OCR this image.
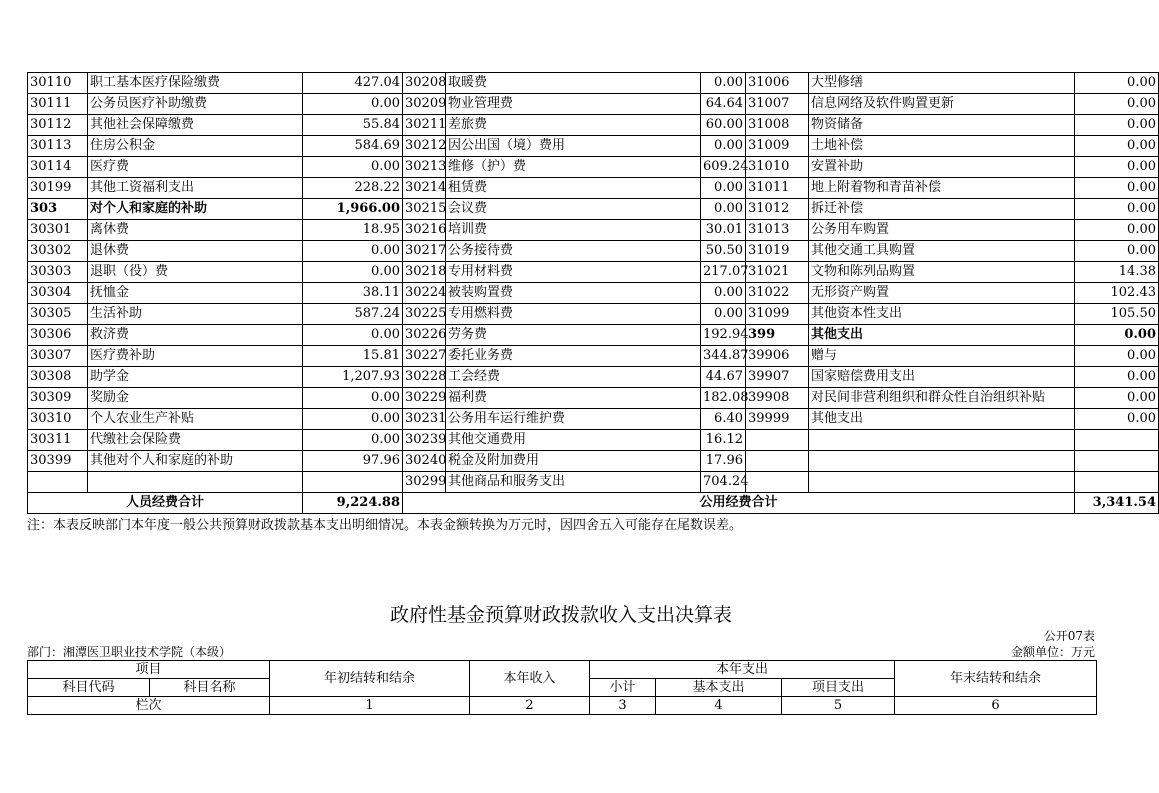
30110	职工基本医疗保险缴费	427.04	30208	取暖费	0.00	31006	大型修缮	0.00
30111	公务员医疗补助缴费	0.00	30209	物业管理费	64.64	31007	信息网络及软件购置更新	0.00
30112	其他社会保障缴费	55.84	30211	差旅费	60.00	31008	物资储备	0.00
30113	住房公积金	584.69	30212	因公出国（境）费用	0.00	31009	土地补偿	0.00
30114	医疗费	0.00	30213	维修（护）费	609.24	31010	安置补助	0.00
30199	其他工资福利支出	228.22	30214	租赁费	0.00	31011	地上附着物和青苗补偿	0.00
303	对个人和家庭的补助	1,966.00	30215	会议费	0.00	31012	拆迁补偿	0.00
30301	离休费	18.95	30216	培训费	30.01	31013	公务用车购置	0.00
30302	退休费	0.00	30217	公务接待费	50.50	31019	其他交通工具购置	0.00
30303	退职（役）费	0.00	30218	专用材料费	217.07	31021	文物和陈列品购置	14.38
30304	抚恤金	38.11	30224	被装购置费	0.00	31022	无形资产购置	102.43
30305	生活补助	587.24	30225	专用燃料费	0.00	31099	其他资本性支出	105.50
30306	救济费	0.00	30226	劳务费	192.94	399	其他支出	0.00
30307	医疗费补助	15.81	30227	委托业务费	344.87	39906	赠与	0.00
30308	助学金	1,207.93	30228	工会经费	44.67	39907	国家赔偿费用支出	0.00
30309	奖励金	0.00	30229	福利费	182.08	39908	对民间非营利组织和群众性自治组织补贴	0.00
30310	个人农业生产补贴	0.00	30231	公务用车运行维护费	6.40	39999	其他支出	0.00
30311	代缴社会保险费	0.00	30239	其他交通费用	16.12			
30399	其他对个人和家庭的补助	97.96	30240	税金及附加费用	17.96			
			30299	其他商品和服务支出	704.24			
人员经费合计		9,224.88	公用经费合计					3,341.54
注：本表反映部门本年度一般公共预算财政拨款基本支出明细情况。本表金额转换为万元时，因四舍五入可能存在尾数误差。
政府性基金预算财政拨款收入支出决算表
公开07表
部门：湘潭医卫职业技术学院（本级）	金额单位：万元
项目		年初结转和结余	本年收入	本年支出			年末结转和结余
科目代码	科目名称			小计	基本支出	项目支出	
栏次		1	2	3	4	5	6
